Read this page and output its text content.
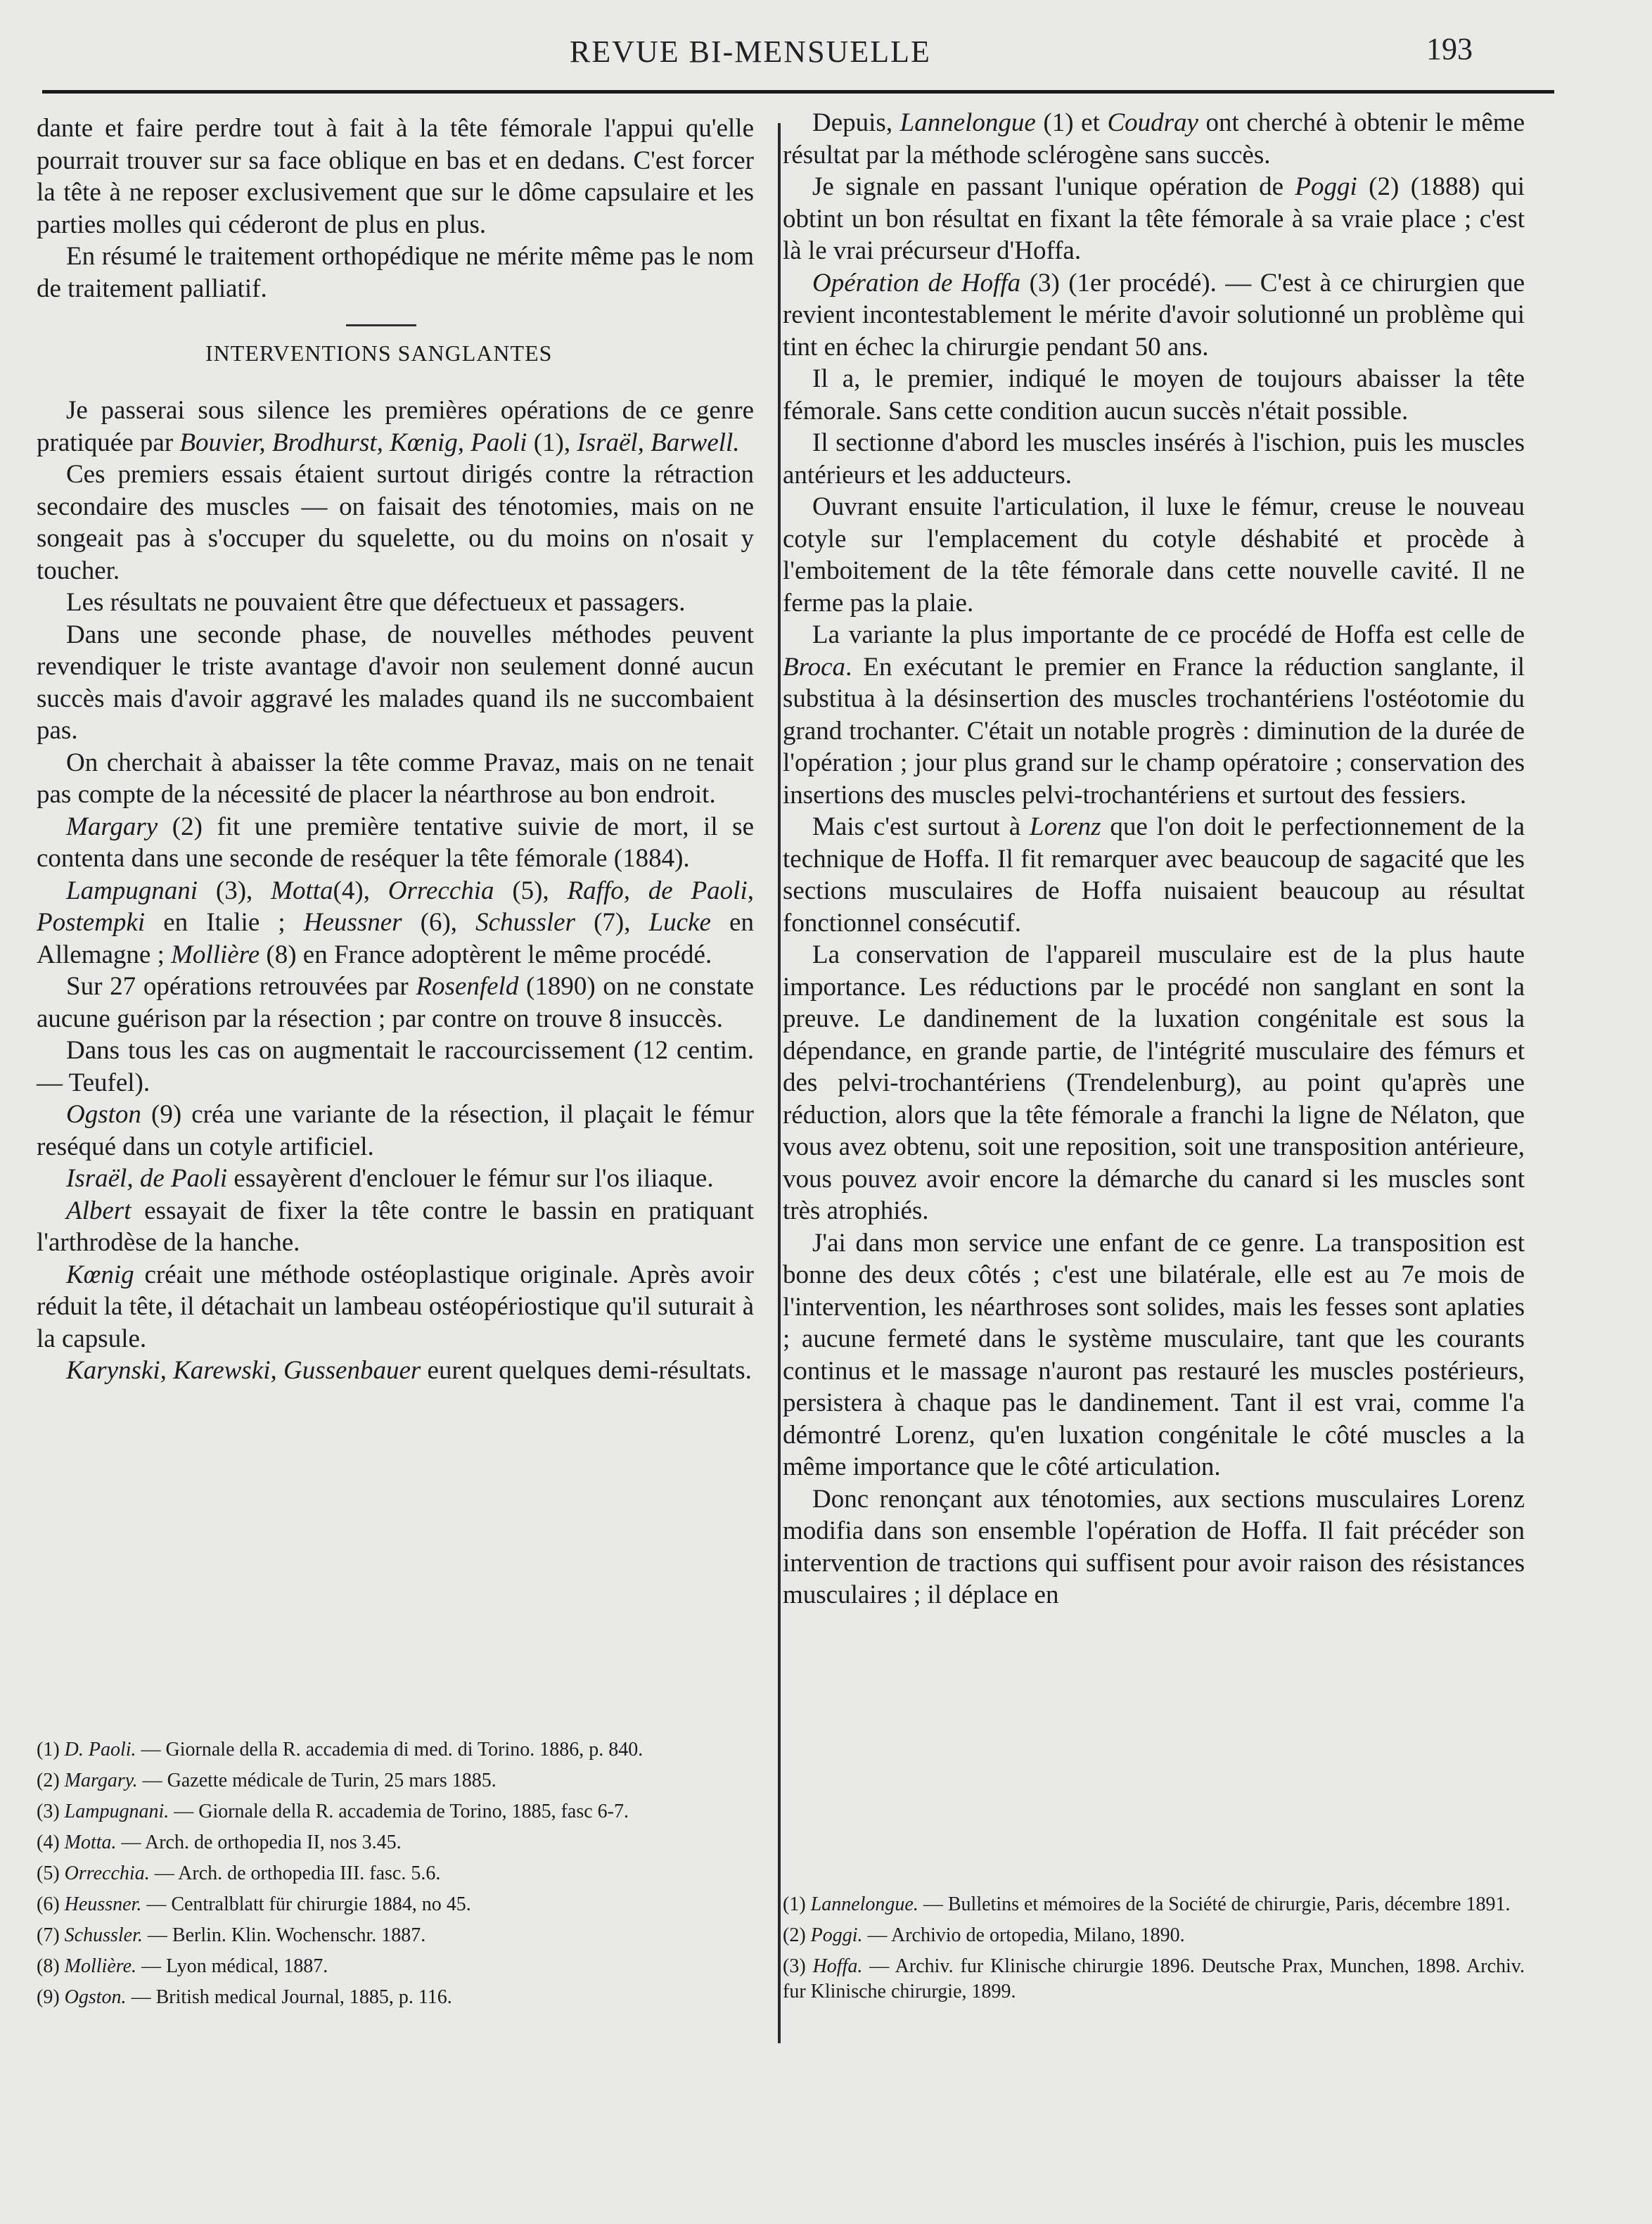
REVUE BI-MENSUELLE	193

dante et faire perdre tout à fait à la tête fémorale l'appui qu'elle pourrait trouver sur sa face oblique en bas et en dedans. C'est forcer la tête à ne reposer exclusivement que sur le dôme capsulaire et les parties molles qui céderont de plus en plus.

En résumé le traitement orthopédique ne mérite même pas le nom de traitement palliatif.

INTERVENTIONS SANGLANTES

Je passerai sous silence les premières opérations de ce genre pratiquée par Bouvier, Brodhurst, Kœnig, Paoli (1), Israël, Barwell.

Ces premiers essais étaient surtout dirigés contre la rétraction secondaire des muscles — on faisait des ténotomies, mais on ne songeait pas à s'occuper du squelette, ou du moins on n'osait y toucher.

Les résultats ne pouvaient être que défectueux et passagers.

Dans une seconde phase, de nouvelles méthodes peuvent revendiquer le triste avantage d'avoir non seulement donné aucun succès mais d'avoir aggravé les malades quand ils ne succombaient pas.

On cherchait à abaisser la tête comme Pravaz, mais on ne tenait pas compte de la nécessité de placer la néarthrose au bon endroit.

Margary (2) fit une première tentative suivie de mort, il se contenta dans une seconde de reséquer la tête fémorale (1884).

Lampugnani (3), Motta(4), Orrecchia (5), Raffo, de Paoli, Postempki en Italie ; Heussner (6), Schussler (7), Lucke en Allemagne ; Mollière (8) en France adoptèrent le même procédé.

Sur 27 opérations retrouvées par Rosenfeld (1890) on ne constate aucune guérison par la résection ; par contre on trouve 8 insuccès.

Dans tous les cas on augmentait le raccourcissement (12 centim. — Teufel).

Ogston (9) créa une variante de la résection, il plaçait le fémur reséqué dans un cotyle artificiel.

Israël, de Paoli essayèrent d'enclouer le fémur sur l'os iliaque.

Albert essayait de fixer la tête contre le bassin en pratiquant l'arthrodèse de la hanche.

Kœnig créait une méthode ostéoplastique originale. Après avoir réduit la tête, il détachait un lambeau ostéopériostique qu'il suturait à la capsule.

Karynski, Karewski, Gussenbauer eurent quelques demi-résultats.

(1) D. Paoli. — Giornale della R. accademia di med. di Torino. 1886, p. 840.

(2) Margary. — Gazette médicale de Turin, 25 mars 1885.

(3) Lampugnani. — Giornale della R. accademia de Torino, 1885, fasc 6-7.

(4) Motta. — Arch. de orthopedia II, nos 3.45.

(5) Orrecchia. — Arch. de orthopedia III. fasc. 5.6.

(6) Heussner. — Centralblatt für chirurgie 1884, no 45.

(7) Schussler. — Berlin. Klin. Wochenschr. 1887.

(8) Mollière. — Lyon médical, 1887.

(9) Ogston. — British medical Journal, 1885, p. 116.

Depuis, Lannelongue (1) et Coudray ont cherché à obtenir le même résultat par la méthode sclérogène sans succès.

Je signale en passant l'unique opération de Poggi (2) (1888) qui obtint un bon résultat en fixant la tête fémorale à sa vraie place ; c'est là le vrai précurseur d'Hoffa.

Opération de Hoffa (3) (1er procédé). — C'est à ce chirurgien que revient incontestablement le mérite d'avoir solutionné un problème qui tint en échec la chirurgie pendant 50 ans.

Il a, le premier, indiqué le moyen de toujours abaisser la tête fémorale. Sans cette condition aucun succès n'était possible.

Il sectionne d'abord les muscles insérés à l'ischion, puis les muscles antérieurs et les adducteurs.

Ouvrant ensuite l'articulation, il luxe le fémur, creuse le nouveau cotyle sur l'emplacement du cotyle déshabité et procède à l'emboitement de la tête fémorale dans cette nouvelle cavité. Il ne ferme pas la plaie.

La variante la plus importante de ce procédé de Hoffa est celle de Broca. En exécutant le premier en France la réduction sanglante, il substitua à la désinsertion des muscles trochantériens l'ostéotomie du grand trochanter. C'était un notable progrès : diminution de la durée de l'opération ; jour plus grand sur le champ opératoire ; conservation des insertions des muscles pelvi-trochantériens et surtout des fessiers.

Mais c'est surtout à Lorenz que l'on doit le perfectionnement de la technique de Hoffa. Il fit remarquer avec beaucoup de sagacité que les sections musculaires de Hoffa nuisaient beaucoup au résultat fonctionnel consécutif.

La conservation de l'appareil musculaire est de la plus haute importance. Les réductions par le procédé non sanglant en sont la preuve. Le dandinement de la luxation congénitale est sous la dépendance, en grande partie, de l'intégrité musculaire des fémurs et des pelvi-trochantériens (Trendelenburg), au point qu'après une réduction, alors que la tête fémorale a franchi la ligne de Nélaton, que vous avez obtenu, soit une reposition, soit une transposition antérieure, vous pouvez avoir encore la démarche du canard si les muscles sont très atrophiés.

J'ai dans mon service une enfant de ce genre. La transposition est bonne des deux côtés ; c'est une bilatérale, elle est au 7e mois de l'intervention, les néarthroses sont solides, mais les fesses sont aplaties ; aucune fermeté dans le système musculaire, tant que les courants continus et le massage n'auront pas restauré les muscles postérieurs, persistera à chaque pas le dandinement. Tant il est vrai, comme l'a démontré Lorenz, qu'en luxation congénitale le côté muscles a la même importance que le côté articulation.

Donc renonçant aux ténotomies, aux sections musculaires Lorenz modifia dans son ensemble l'opération de Hoffa. Il fait précéder son intervention de tractions qui suffisent pour avoir raison des résistances musculaires ; il déplace en

(1) Lannelongue. — Bulletins et mémoires de la Société de chirurgie, Paris, décembre 1891.

(2) Poggi. — Archivio de ortopedia, Milano, 1890.

(3) Hoffa. — Archiv. fur Klinische chirurgie 1896. Deutsche Prax, Munchen, 1898. Archiv. fur Klinische chirurgie, 1899.
